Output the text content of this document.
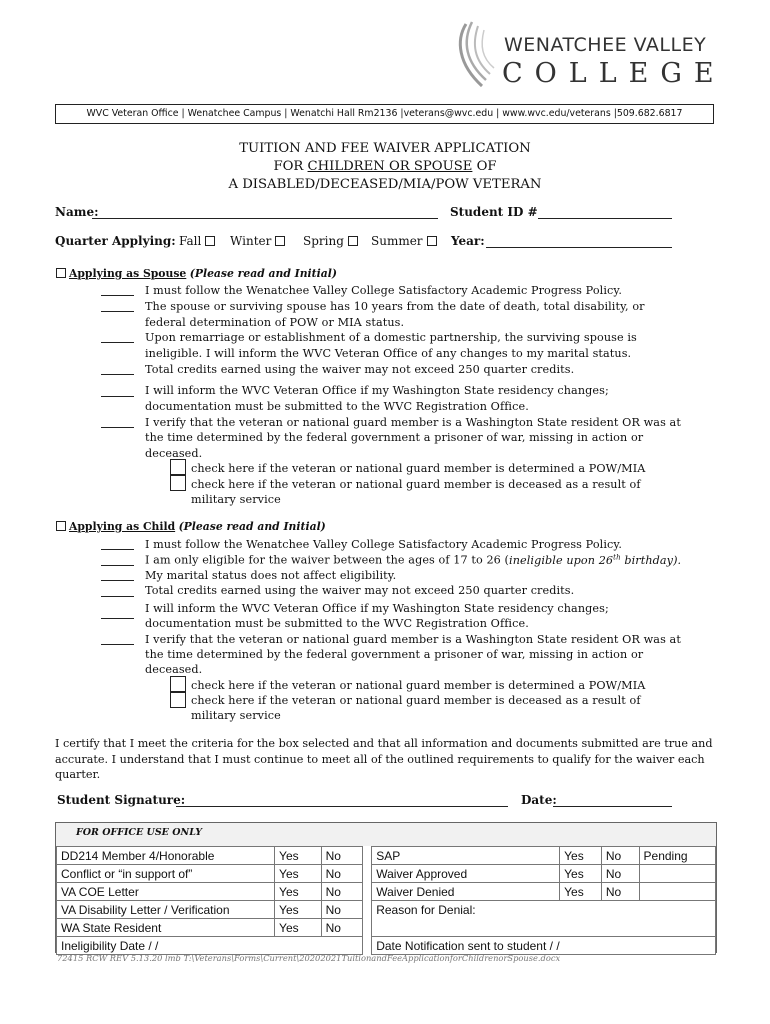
WENATCHEE VALLEY
COLLEGE
WVC Veteran Office | Wenatchee Campus | Wenatchi Hall Rm2136 |veterans@wvc.edu | www.wvc.edu/veterans |509.682.6817
TUITION AND FEE WAIVER APPLICATION
FOR CHILDREN OR SPOUSE OF
A DISABLED/DECEASED/MIA/POW VETERAN
Name:	Student ID #
Quarter Applying: Fall	Winter	Spring	Summer	Year:
Applying as Spouse (Please read and Initial)
I must follow the Wenatchee Valley College Satisfactory Academic Progress Policy.
The spouse or surviving spouse has 10 years from the date of death, total disability, or
federal determination of POW or MIA status.
Upon remarriage or establishment of a domestic partnership, the surviving spouse is
ineligible. I will inform the WVC Veteran Office of any changes to my marital status.
Total credits earned using the waiver may not exceed 250 quarter credits.
I will inform the WVC Veteran Office if my Washington State residency changes;
documentation must be submitted to the WVC Registration Office.
I verify that the veteran or national guard member is a Washington State resident OR was at
the time determined by the federal government a prisoner of war, missing in action or
deceased.
check here if the veteran or national guard member is determined a POW/MIA
check here if the veteran or national guard member is deceased as a result of
military service
Applying as Child (Please read and Initial)
I must follow the Wenatchee Valley College Satisfactory Academic Progress Policy.
I am only eligible for the waiver between the ages of 17 to 26 (ineligible upon 26th birthday).
My marital status does not affect eligibility.
Total credits earned using the waiver may not exceed 250 quarter credits.
I will inform the WVC Veteran Office if my Washington State residency changes;
documentation must be submitted to the WVC Registration Office.
I verify that the veteran or national guard member is a Washington State resident OR was at
the time determined by the federal government a prisoner of war, missing in action or
deceased.
check here if the veteran or national guard member is determined a POW/MIA
check here if the veteran or national guard member is deceased as a result of
military service
I certify that I meet the criteria for the box selected and that all information and documents submitted are true and accurate. I understand that I must continue to meet all of the outlined requirements to qualify for the waiver each quarter.
Student Signature:	Date:
FOR OFFICE USE ONLY
DD214 Member 4/Honorable	Yes	No		SAP	Yes	No	Pending
Conflict or “in support of”	Yes	No		Waiver Approved	Yes	No	
VA COE Letter	Yes	No		Waiver Denied	Yes	No	
VA Disability Letter / Verification	Yes	No		Reason for Denial:			
WA State Resident	Yes	No					
Ineligibility Date / /				Date Notification sent to student / /			
72415 RCW REV 5.13.20 lmb T:\Veterans\Forms\Current\20202021TuitionandFeeApplicationforChildrenorSpouse.docx
